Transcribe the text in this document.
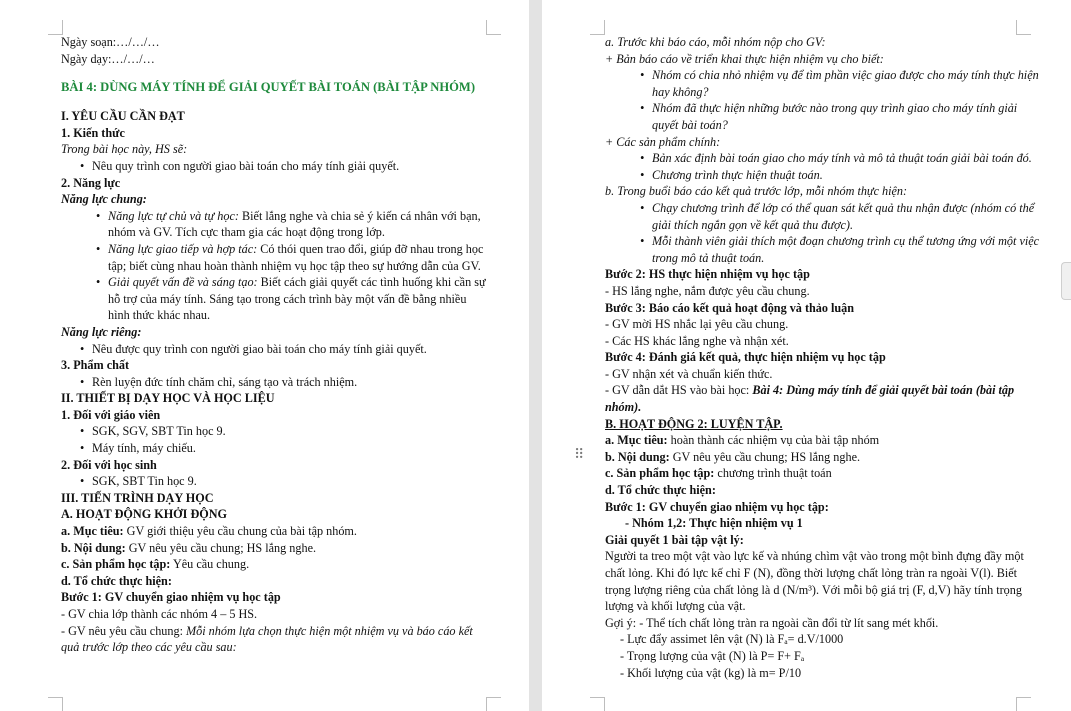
Ngày soạn:…/…/…
Ngày dạy:…/…/…
BÀI 4: DÙNG MÁY TÍNH ĐỂ GIẢI QUYẾT BÀI TOÁN (BÀI TẬP NHÓM)
I. YÊU CẦU CẦN ĐẠT
1. Kiến thức
Trong bài học này, HS sẽ:
• Nêu quy trình con người giao bài toán cho máy tính giải quyết.
2. Năng lực
Năng lực chung:
• Năng lực tự chủ và tự học: Biết lắng nghe và chia sẻ ý kiến cá nhân với bạn, nhóm và GV. Tích cực tham gia các hoạt động trong lớp.
• Năng lực giao tiếp và hợp tác: Có thói quen trao đổi, giúp đỡ nhau trong học tập; biết cùng nhau hoàn thành nhiệm vụ học tập theo sự hướng dẫn của GV.
• Giải quyết vấn đề và sáng tạo: Biết cách giải quyết các tình huống khi cần sự hỗ trợ của máy tính. Sáng tạo trong cách trình bày một vấn đề bằng nhiều hình thức khác nhau.
Năng lực riêng:
• Nêu được quy trình con người giao bài toán cho máy tính giải quyết.
3. Phẩm chất
• Rèn luyện đức tính chăm chỉ, sáng tạo và trách nhiệm.
II. THIẾT BỊ DẠY HỌC VÀ HỌC LIỆU
1. Đối với giáo viên
• SGK, SGV, SBT Tin học 9.
• Máy tính, máy chiếu.
2. Đối với học sinh
• SGK, SBT Tin học 9.
III. TIẾN TRÌNH DẠY HỌC
A. HOẠT ĐỘNG KHỞI ĐỘNG
a. Mục tiêu: GV giới thiệu yêu cầu chung của bài tập nhóm.
b. Nội dung: GV nêu yêu cầu chung; HS lắng nghe.
c. Sản phẩm học tập: Yêu cầu chung.
d. Tổ chức thực hiện:
Bước 1: GV chuyển giao nhiệm vụ học tập
- GV chia lớp thành các nhóm 4 – 5 HS.
- GV nêu yêu cầu chung: Mỗi nhóm lựa chọn thực hiện một nhiệm vụ và báo cáo kết quả trước lớp theo các yêu cầu sau:
a. Trước khi báo cáo, mỗi nhóm nộp cho GV:
+ Bản báo cáo về triển khai thực hiện nhiệm vụ cho biết:
• Nhóm có chia nhỏ nhiệm vụ để tìm phần việc giao được cho máy tính thực hiện hay không?
• Nhóm đã thực hiện những bước nào trong quy trình giao cho máy tính giải quyết bài toán?
+ Các sản phẩm chính:
• Bản xác định bài toán giao cho máy tính và mô tả thuật toán giải bài toán đó.
• Chương trình thực hiện thuật toán.
b. Trong buổi báo cáo kết quả trước lớp, mỗi nhóm thực hiện:
• Chạy chương trình để lớp có thể quan sát kết quả thu nhận được (nhóm có thể giải thích ngắn gọn về kết quả thu được).
• Mỗi thành viên giải thích một đoạn chương trình cụ thể tương ứng với một việc trong mô tả thuật toán.
Bước 2: HS thực hiện nhiệm vụ học tập
- HS lắng nghe, nắm được yêu cầu chung.
Bước 3: Báo cáo kết quả hoạt động và thảo luận
- GV mời HS nhắc lại yêu cầu chung.
- Các HS khác lắng nghe và nhận xét.
Bước 4: Đánh giá kết quả, thực hiện nhiệm vụ học tập
- GV nhận xét và chuẩn kiến thức.
- GV dẫn dắt HS vào bài học: Bài 4: Dùng máy tính để giải quyết bài toán (bài tập nhóm).
B. HOẠT ĐỘNG 2: LUYỆN TẬP.
a. Mục tiêu: hoàn thành các nhiệm vụ của bài tập nhóm
b. Nội dung: GV nêu yêu cầu chung; HS lắng nghe.
c. Sản phẩm học tập: chương trình thuật toán
d. Tổ chức thực hiện:
Bước 1: GV chuyển giao nhiệm vụ học tập:
- Nhóm 1,2: Thực hiện nhiệm vụ 1
Giải quyết 1 bài tập vật lý:
Người ta treo một vật vào lực kế và nhúng chìm vật vào trong một bình đựng đầy một chất lỏng. Khi đó lực kế chỉ F (N), đồng thời lượng chất lỏng tràn ra ngoài V(l). Biết trọng lượng riêng của chất lỏng là d (N/m³). Với mỗi bộ giá trị (F, d,V) hãy tính trọng lượng và khối lượng của vật.
Gợi ý: - Thể tích chất lỏng tràn ra ngoài cần đổi từ lít sang mét khối.
- Lực đẩy assimet lên vật (N) là Fₐ= d.V/1000
- Trọng lượng của vật (N) là P= F+ Fₐ
- Khối lượng của vật (kg) là m= P/10
⠿
